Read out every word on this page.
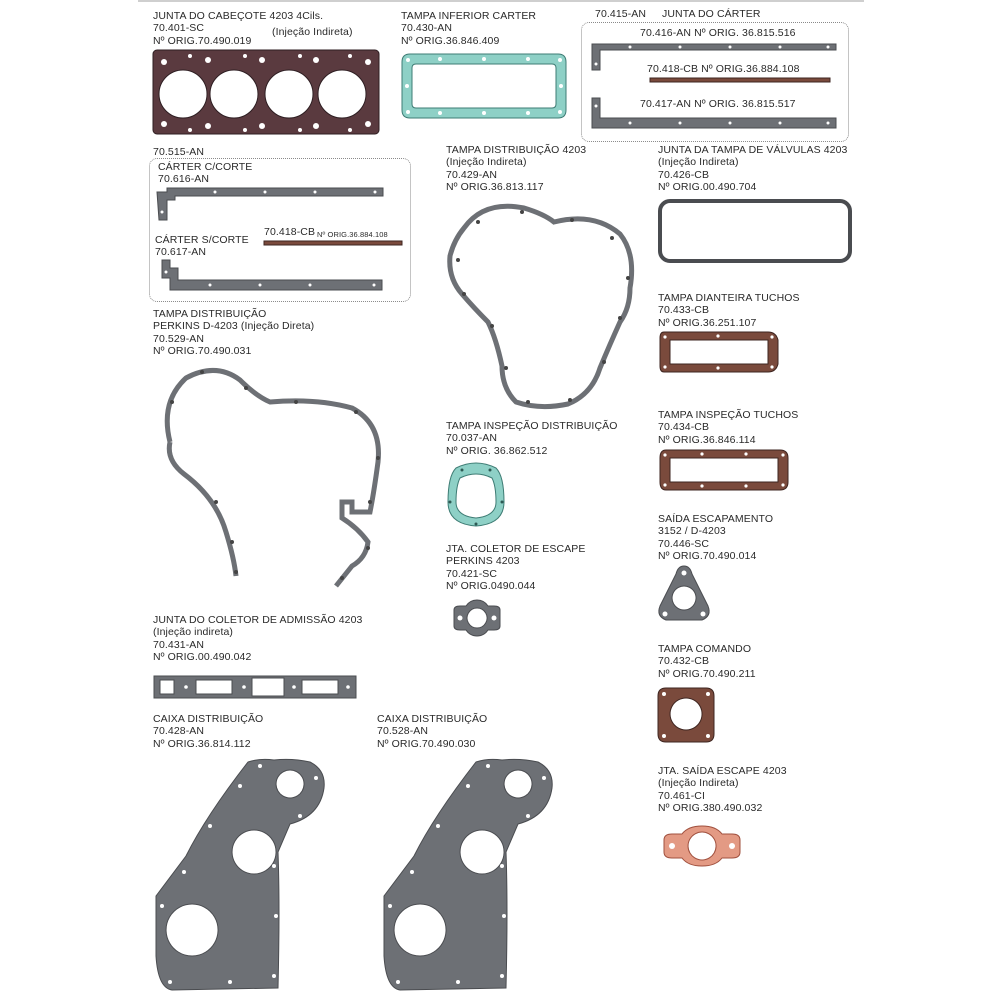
JUNTA DO CABEÇOTE 4203 4Cils.
70.401-SC
Nº ORIG.70.490.019
(Injeção Indireta)
TAMPA INFERIOR CARTER
70.430-AN
Nº ORIG.36.846.409
70.415-AN JUNTA DO CÁRTER
70.416-AN Nº ORIG. 36.815.516
70.418-CB Nº ORIG.36.884.108
70.417-AN Nº ORIG. 36.815.517
70.515-AN
CÁRTER C/CORTE
70.616-AN
70.418-CB Nº ORIG.36.884.108
CÁRTER S/CORTE
70.617-AN
TAMPA DISTRIBUIÇÃO 4203
(Injeção Indireta)
70.429-AN
Nº ORIG.36.813.117
JUNTA DA TAMPA DE VÁLVULAS 4203
(Injeção Indireta)
70.426-CB
Nº ORIG.00.490.704
TAMPA DISTRIBUIÇÃO
PERKINS D-4203 (Injeção Direta)
70.529-AN
Nº ORIG.70.490.031
TAMPA DIANTEIRA TUCHOS
70.433-CB
Nº ORIG.36.251.107
TAMPA INSPEÇÃO DISTRIBUIÇÃO
70.037-AN
Nº ORIG. 36.862.512
TAMPA INSPEÇÃO TUCHOS
70.434-CB
Nº ORIG.36.846.114
SAÍDA ESCAPAMENTO
3152 / D-4203
70.446-SC
Nº ORIG.70.490.014
JTA. COLETOR DE ESCAPE
PERKINS 4203
70.421-SC
Nº ORIG.0490.044
JUNTA DO COLETOR DE ADMISSÃO 4203
(Injeção indireta)
70.431-AN
Nº ORIG.00.490.042
TAMPA COMANDO
70.432-CB
Nº ORIG.70.490.211
CAIXA DISTRIBUIÇÃO
70.428-AN
Nº ORIG.36.814.112
CAIXA DISTRIBUIÇÃO
70.528-AN
Nº ORIG.70.490.030
JTA. SAÍDA ESCAPE 4203
(Injeção Indireta)
70.461-CI
Nº ORIG.380.490.032
